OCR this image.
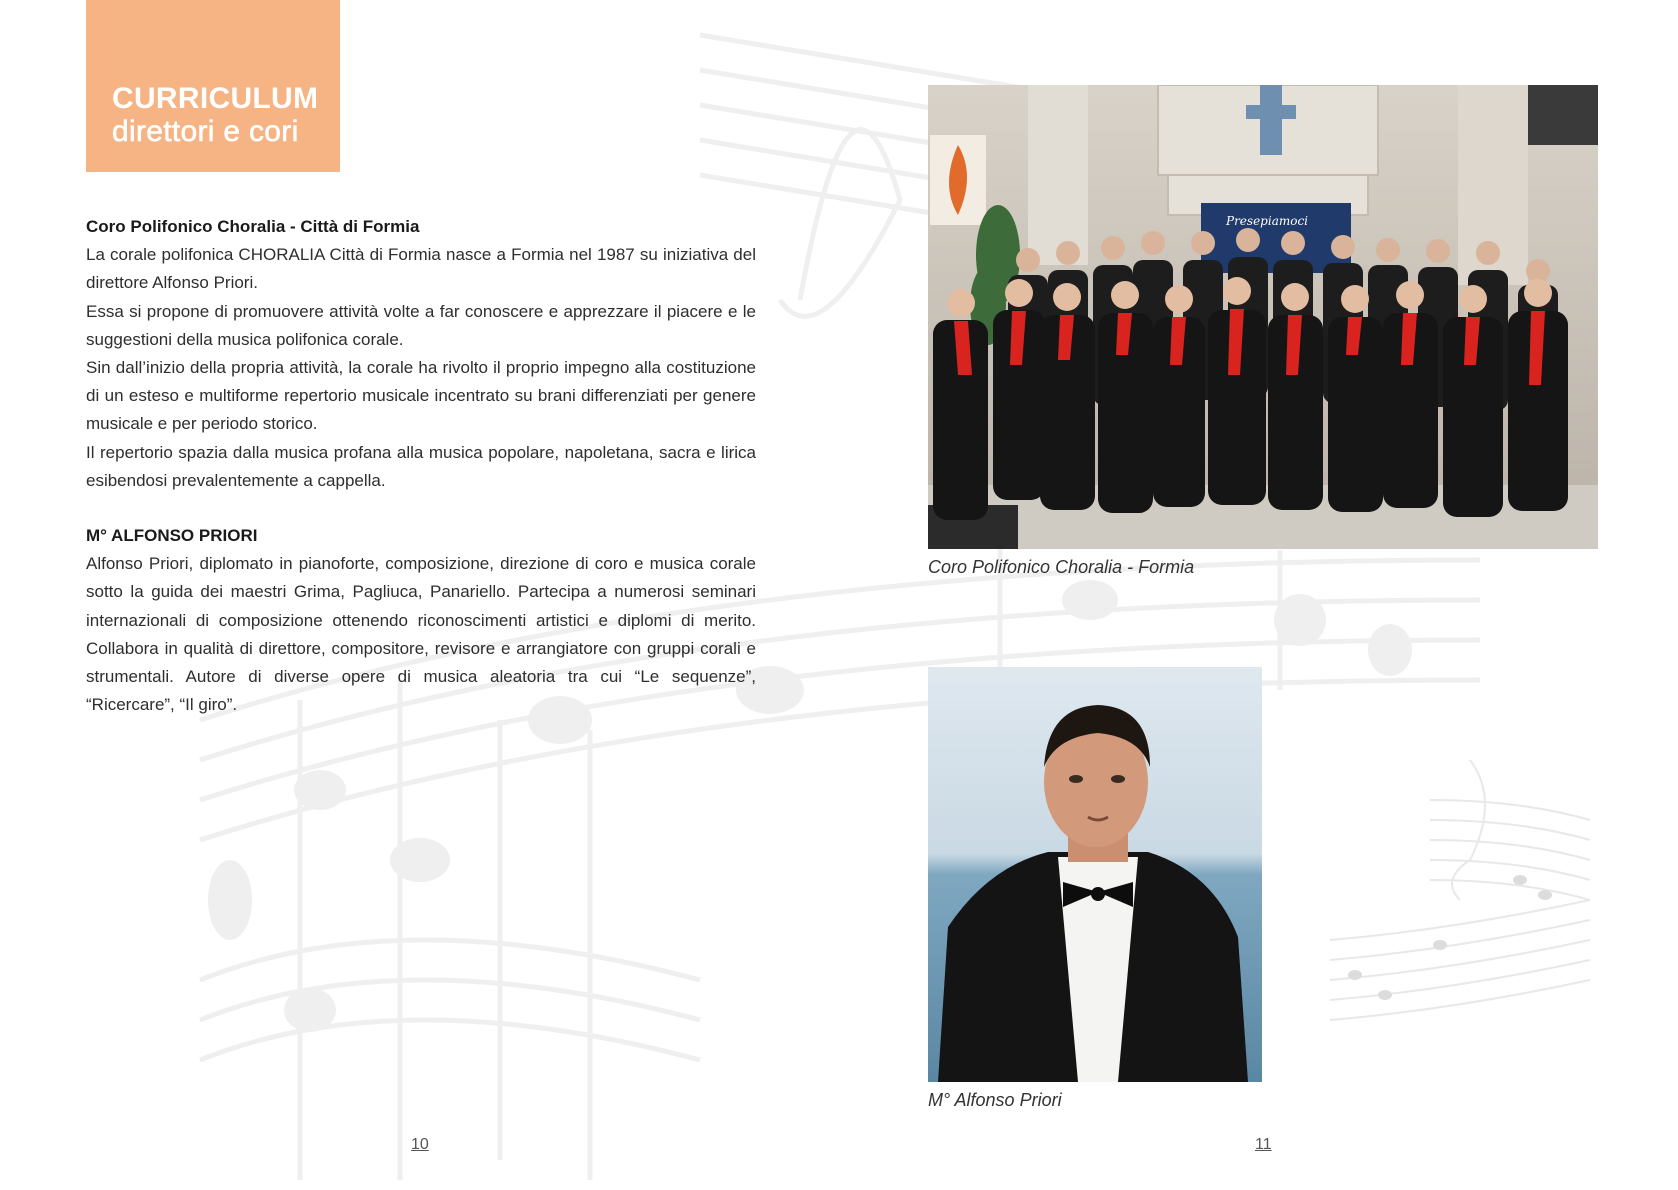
CURRICULUM
direttori e cori

Coro Polifonico Choralia - Città di Formia

La corale polifonica CHORALIA Città di Formia nasce a Formia nel 1987 su iniziativa del direttore Alfonso Priori.

Essa si propone di promuovere attività volte a far conoscere e apprezzare il piacere e le suggestioni della musica polifonica corale.

Sin dall’inizio della propria attività, la corale ha rivolto il proprio impegno alla costituzione di un esteso e multiforme repertorio musicale incentrato su brani differenziati per genere musicale e per periodo storico.

Il repertorio spazia dalla musica profana alla musica popolare, napoletana, sacra e lirica esibendosi prevalentemente a cappella.

M° ALFONSO PRIORI

Alfonso Priori, diplomato in pianoforte, composizione, direzione di coro e musica corale sotto la guida dei maestri Grima, Pagliuca, Panariello. Partecipa a numerosi seminari internazionali di composizione ottenendo riconoscimenti artistici e diplomi di merito. Collabora in qualità di direttore, compositore, revisore e arrangiatore con gruppi corali e strumentali. Autore di diverse opere di musica aleatoria tra cui “Le sequenze”, “Ricercare”, “Il giro”.

Presepiamoci
Coro Polifonico Choralia - Formia
M° Alfonso Priori
10	11
